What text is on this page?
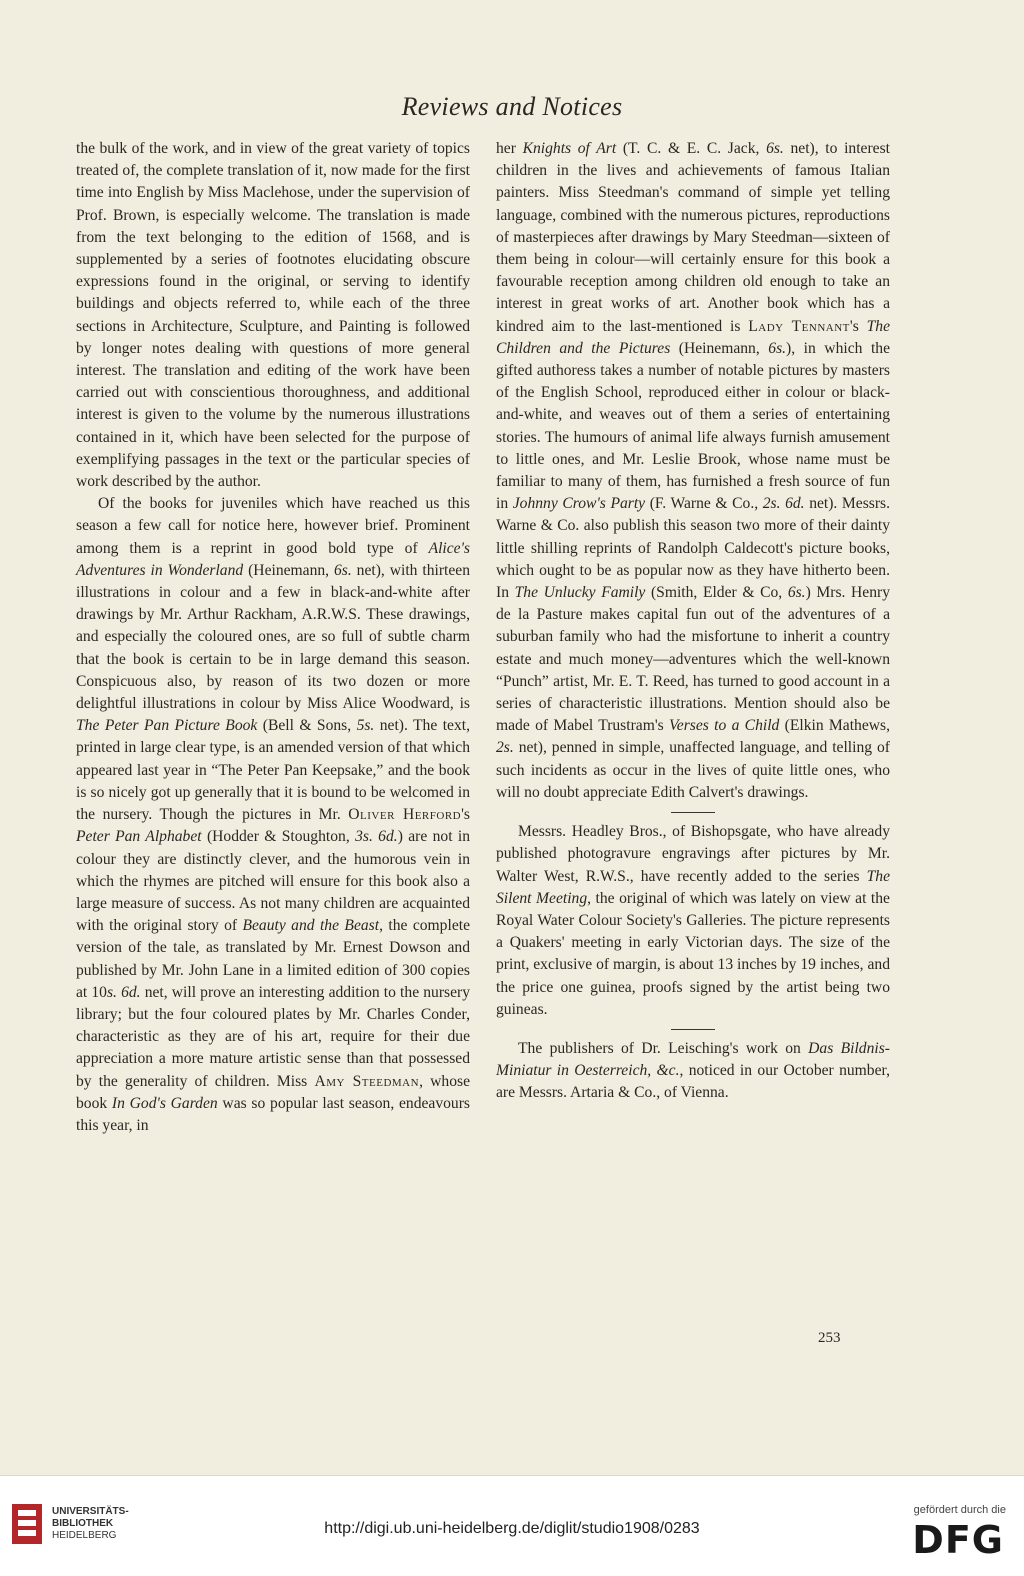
Reviews and Notices

the bulk of the work, and in view of the great variety of topics treated of, the complete translation of it, now made for the first time into English by Miss Maclehose, under the supervision of Prof. Brown, is especially welcome. The translation is made from the text belonging to the edition of 1568, and is supplemented by a series of footnotes elucidating obscure expressions found in the original, or serving to identify buildings and objects referred to, while each of the three sections in Architecture, Sculpture, and Painting is followed by longer notes dealing with questions of more general interest. The translation and editing of the work have been carried out with conscientious thoroughness, and additional interest is given to the volume by the numerous illustrations contained in it, which have been selected for the purpose of exemplifying passages in the text or the particular species of work described by the author.

Of the books for juveniles which have reached us this season a few call for notice here, however brief. Prominent among them is a reprint in good bold type of Alice's Adventures in Wonderland (Heinemann, 6s. net), with thirteen illustrations in colour and a few in black-and-white after drawings by Mr. Arthur Rackham, A.R.W.S. These drawings, and especially the coloured ones, are so full of subtle charm that the book is certain to be in large demand this season. Conspicuous also, by reason of its two dozen or more delightful illustrations in colour by Miss Alice Woodward, is The Peter Pan Picture Book (Bell & Sons, 5s. net). The text, printed in large clear type, is an amended version of that which appeared last year in “The Peter Pan Keepsake,” and the book is so nicely got up generally that it is bound to be welcomed in the nursery. Though the pictures in Mr. Oliver Herford's Peter Pan Alphabet (Hodder & Stoughton, 3s. 6d.) are not in colour they are distinctly clever, and the humorous vein in which the rhymes are pitched will ensure for this book also a large measure of success. As not many children are acquainted with the original story of Beauty and the Beast, the complete version of the tale, as translated by Mr. Ernest Dowson and published by Mr. John Lane in a limited edition of 300 copies at 10s. 6d. net, will prove an interesting addition to the nursery library; but the four coloured plates by Mr. Charles Conder, characteristic as they are of his art, require for their due appreciation a more mature artistic sense than that possessed by the generality of children. Miss Amy Steedman, whose book In God's Garden was so popular last season, endeavours this year, in

her Knights of Art (T. C. & E. C. Jack, 6s. net), to interest children in the lives and achievements of famous Italian painters. Miss Steedman's command of simple yet telling language, combined with the numerous pictures, reproductions of masterpieces after drawings by Mary Steedman—sixteen of them being in colour—will certainly ensure for this book a favourable reception among children old enough to take an interest in great works of art. Another book which has a kindred aim to the last-mentioned is Lady Tennant's The Children and the Pictures (Heinemann, 6s.), in which the gifted authoress takes a number of notable pictures by masters of the English School, reproduced either in colour or black-and-white, and weaves out of them a series of entertaining stories. The humours of animal life always furnish amusement to little ones, and Mr. Leslie Brook, whose name must be familiar to many of them, has furnished a fresh source of fun in Johnny Crow's Party (F. Warne & Co., 2s. 6d. net). Messrs. Warne & Co. also publish this season two more of their dainty little shilling reprints of Randolph Caldecott's picture books, which ought to be as popular now as they have hitherto been. In The Unlucky Family (Smith, Elder & Co, 6s.) Mrs. Henry de la Pasture makes capital fun out of the adventures of a suburban family who had the misfortune to inherit a country estate and much money—adventures which the well-known “Punch” artist, Mr. E. T. Reed, has turned to good account in a series of characteristic illustrations. Mention should also be made of Mabel Trustram's Verses to a Child (Elkin Mathews, 2s. net), penned in simple, unaffected language, and telling of such incidents as occur in the lives of quite little ones, who will no doubt appreciate Edith Calvert's drawings.

Messrs. Headley Bros., of Bishopsgate, who have already published photogravure engravings after pictures by Mr. Walter West, R.W.S., have recently added to the series The Silent Meeting, the original of which was lately on view at the Royal Water Colour Society's Galleries. The picture represents a Quakers' meeting in early Victorian days. The size of the print, exclusive of margin, is about 13 inches by 19 inches, and the price one guinea, proofs signed by the artist being two guineas.

The publishers of Dr. Leisching's work on Das Bildnis-Miniatur in Oesterreich, &c., noticed in our October number, are Messrs. Artaria & Co., of Vienna.

253
UNIVERSITÄTS-
BIBLIOTHEK
HEIDELBERG	http://digi.ub.uni-heidelberg.de/diglit/studio1908/0283
gefördert durch die
DFG
